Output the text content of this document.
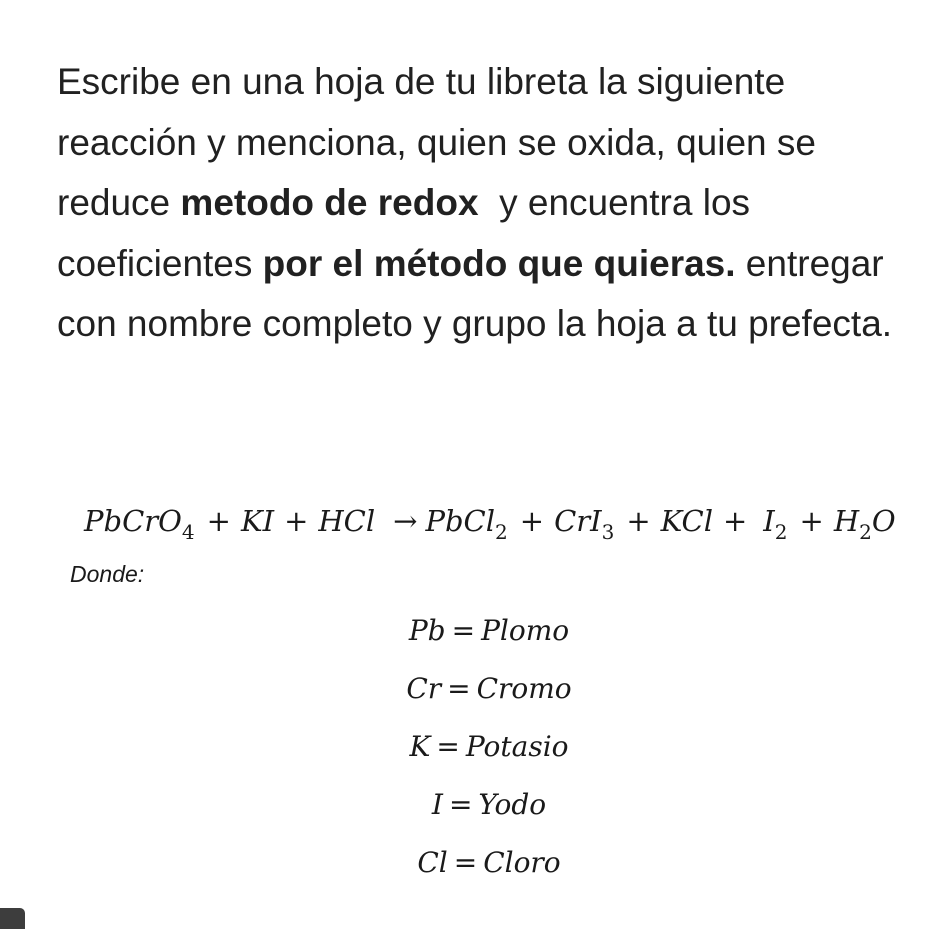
Escribe en una hoja de tu libreta la siguiente reacción y menciona, quien se oxida, quien se reduce metodo de redox  y encuentra los coeficientes por el método que quieras. entregar con nombre completo y grupo la hoja a tu prefecta.

PbCrO$_4$ + KI + HCl → PbCl$_2$ + CrI$_3$ + KCl + $I_2 + H_2O$
Donde:
Pb = Plomo
Cr = Cromo
K = Potasio
I = Yodo
Cl = Cloro
